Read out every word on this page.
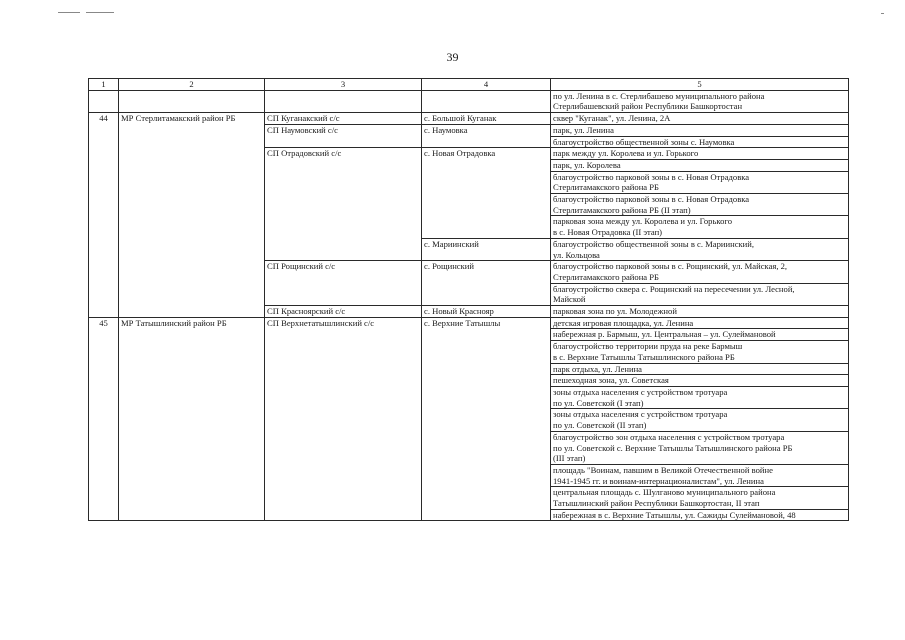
39
1	2	3	4	5

				по ул. Ленина в с. Стерлибашево муниципального района
Стерлибашевский район Республики Башкортостан

44	МР Стерлитамакский район РБ	СП Куганакский с/с	с. Большой Куганак	сквер "Куганак", ул. Ленина, 2А

		СП Наумовский с/с	с. Наумовка	парк, ул. Ленина

				благоустройство общественной зоны с. Наумовка

		СП Отрадовский с/с	с. Новая Отрадовка	парк между ул. Королева и ул. Горького

				парк, ул. Королева

				благоустройство парковой зоны в с. Новая Отрадовка
Стерлитамакского района РБ

				благоустройство парковой зоны в с. Новая Отрадовка
Стерлитамакского района РБ (II этап)

				парковая зона между ул. Королева и ул. Горького
в с. Новая Отрадовка (II этап)

			с. Мариинский	благоустройство общественной зоны в с. Мариинский,
ул. Кольцова

		СП Рощинский с/с	с. Рощинский	благоустройство парковой зоны в с. Рощинский, ул. Майская, 2,
Стерлитамакского района РБ

				благоустройство сквера с. Рощинский на пересечении ул. Лесной,
Майской

		СП Краснoярский с/с	с. Новый Краснояр	парковая зона по ул. Молодежной

45	МР Татышлинский район РБ	СП Верхнетатышлинский с/с	с. Верхние Татышлы	детская игровая площадка, ул. Ленина

				набережная р. Бармыш, ул. Центральная – ул. Сулеймановой

				благоустройство территории пруда на реке Бармыш
в с. Верхние Татышлы Татышлинского района РБ

				парк отдыха, ул. Ленина

				пешеходная зона, ул. Советская

				зоны отдыха населения с устройством тротуара
по ул. Советской (I этап)

				зоны отдыха населения с устройством тротуара
по ул. Советской (II этап)

				благоустройство зон отдыха населения с устройством тротуара
по ул. Советской с. Верхние Татышлы Татышлинского района РБ
(III этап)

				площадь "Воинам, павшим в Великой Отечественной войне
1941-1945 гг. и воинам-интернационалистам", ул. Ленина

				центральная площадь с. Шулганово муниципального района
Татышлинский район Республики Башкортостан, II этап

				набережная в с. Верхние Татышлы, ул. Сажиды Сулеймановой, 48
